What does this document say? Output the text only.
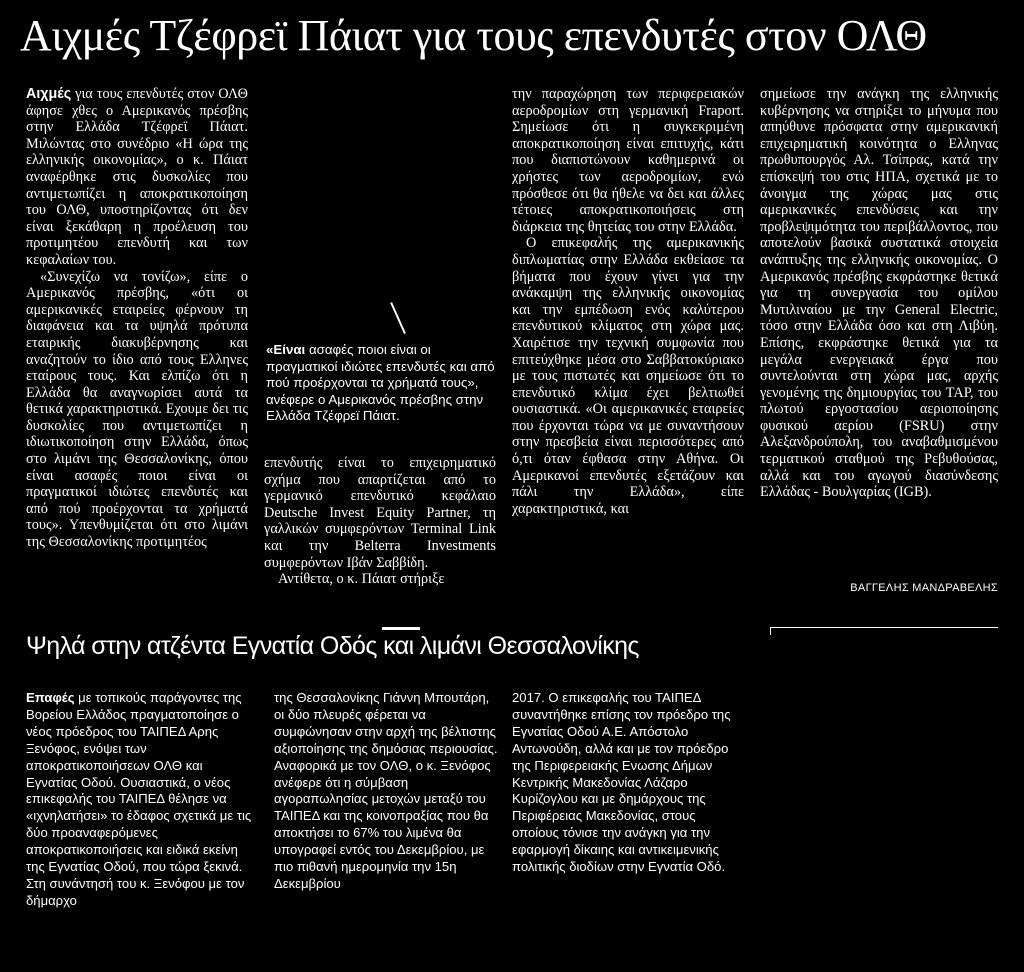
Αιχμές Τζέφρεϊ Πάιατ για τους επενδυτές στον ΟΛΘ

Αιχμές για τους επενδυτές στον ΟΛΘ άφησε χθες ο Αμερικανός πρέσβης στην Ελλάδα Τζέφρεϊ Πάιατ. Μιλώντας στο συνέδριο «Η ώρα της ελληνικής οικονομίας», ο κ. Πάιατ αναφέρθηκε στις δυσκολίες που αντιμετωπίζει η αποκρατικοποίηση του ΟΛΘ, υποστηρίζοντας ότι δεν είναι ξεκάθαρη η προέλευση του προτιμητέου επενδυτή και των κεφαλαίων του.

«Συνεχίζω να τονίζω», είπε ο Αμερικανός πρέσβης, «ότι οι αμερικανικές εταιρείες φέρνουν τη διαφάνεια και τα υψηλά πρότυπα εταιρικής διακυβέρνησης και αναζητούν το ίδιο από τους Ελληνες εταίρους τους. Και ελπίζω ότι η Ελλάδα θα αναγνωρίσει αυτά τα θετικά χαρακτηριστικά. Εχουμε δει τις δυσκολίες που αντιμετωπίζει η ιδιωτικοποίηση στην Ελλάδα, όπως στο λιμάνι της Θεσσαλονίκης, όπου είναι ασαφές ποιοι είναι οι πραγματικοί ιδιώτες επενδυτές και από πού προέρχονται τα χρήματά τους». Υπενθυμίζεται ότι στο λιμάνι της Θεσσαλονίκης προτιμητέος

«Είναι ασαφές ποιοι είναι οι πραγματικοί ιδιώτες επενδυτές και από πού προέρχονται τα χρήματά τους», ανέφερε ο Αμερικανός πρέσβης στην Ελλάδα Τζέφρεϊ Πάιατ.

επενδυτής είναι το επιχειρηματικό σχήμα που απαρτίζεται από το γερμανικό επενδυτικό κεφάλαιο Deutsche Invest Equity Partner, τη γαλλικών συμφερόντων Terminal Link και την Belterra Investments συμφερόντων Ιβάν Σαββίδη.

Αντίθετα, ο κ. Πάιατ στήριξε

την παραχώρηση των περιφερειακών αεροδρομίων στη γερμανική Fraport. Σημείωσε ότι η συγκεκριμένη αποκρατικοποίηση είναι επιτυχής, κάτι που διαπιστώνουν καθημερινά οι χρήστες των αεροδρομίων, ενώ πρόσθεσε ότι θα ήθελε να δει και άλλες τέτοιες αποκρατικοποιήσεις στη διάρκεια της θητείας του στην Ελλάδα.

Ο επικεφαλής της αμερικανικής διπλωματίας στην Ελλάδα εκθείασε τα βήματα που έχουν γίνει για την ανάκαμψη της ελληνικής οικονομίας και την εμπέδωση ενός καλύτερου επενδυτικού κλίματος στη χώρα μας. Χαιρέτισε την τεχνική συμφωνία που επιτεύχθηκε μέσα στο Σαββατοκύριακο με τους πιστωτές και σημείωσε ότι το επενδυτικό κλίμα έχει βελτιωθεί ουσιαστικά. «Οι αμερικανικές εταιρείες που έρχονται τώρα να με συναντήσουν στην πρεσβεία είναι περισσότερες από ό,τι όταν έφθασα στην Αθήνα. Οι Αμερικανοί επενδυτές εξετάζουν και πάλι την Ελλάδα», είπε χαρακτηριστικά, και

σημείωσε την ανάγκη της ελληνικής κυβέρνησης να στηρίξει το μήνυμα που απηύθυνε πρόσφατα στην αμερικανική επιχειρηματική κοινότητα ο Ελληνας πρωθυπουργός Αλ. Τσίπρας, κατά την επίσκεψή του στις ΗΠΑ, σχετικά με το άνοιγμα της χώρας μας στις αμερικανικές επενδύσεις και την προβλεψιμότητα του περιβάλλοντος, που αποτελούν βασικά συστατικά στοιχεία ανάπτυξης της ελληνικής οικονομίας. Ο Αμερικανός πρέσβης εκφράστηκε θετικά για τη συνεργασία του ομίλου Μυτιλιναίου με την General Electric, τόσο στην Ελλάδα όσο και στη Λιβύη. Επίσης, εκφράστηκε θετικά για τα μεγάλα ενεργειακά έργα που συντελούνται στη χώρα μας, αρχής γενομένης της δημιουργίας του TAP, του πλωτού εργοστασίου αεριοποίησης φυσικού αερίου (FSRU) στην Αλεξανδρούπολη, του αναβαθμισμένου τερματικού σταθμού της Ρεβυθούσας, αλλά και του αγωγού διασύνδεσης Ελλάδας - Βουλγαρίας (IGB).

ΒΑΓΓΕΛΗΣ ΜΑΝΔΡΑΒΕΛΗΣ
Ψηλά στην ατζέντα Εγνατία Οδός και λιμάνι Θεσσαλονίκης
Επαφές με τοπικούς παράγοντες της Βορείου Ελλάδος πραγματοποίησε ο νέος πρόεδρος του ΤΑΙΠΕΔ Αρης Ξενόφος, ενόψει των αποκρατικοποιήσεων ΟΛΘ και Εγνατίας Οδού. Ουσιαστικά, ο νέος επικεφαλής του ΤΑΙΠΕΔ θέλησε να «ιχνηλατήσει» το έδαφος σχετικά με τις δύο προαναφερόμενες αποκρατικοποιήσεις και ειδικά εκείνη της Εγνατίας Οδού, που τώρα ξεκινά. Στη συνάντησή του κ. Ξενόφου με τον δήμαρχο

της Θεσσαλονίκης Γιάννη Μπουτάρη, οι δύο πλευρές φέρεται να συμφώνησαν στην αρχή της βέλτιστης αξιοποίησης της δημόσιας περιουσίας.

Αναφορικά με τον ΟΛΘ, ο κ. Ξενόφος ανέφερε ότι η σύμβαση αγοραπωλησίας μετοχών μεταξύ του ΤΑΙΠΕΔ και της κοινοπραξίας που θα αποκτήσει το 67% του λιμένα θα υπογραφεί εντός του Δεκεμβρίου, με πιο πιθανή ημερομηνία την 15η Δεκεμβρίου

2017. Ο επικεφαλής του ΤΑΙΠΕΔ συναντήθηκε επίσης τον πρόεδρο της Εγνατίας Οδού Α.Ε. Απόστολο Αντωνούδη, αλλά και με τον πρόεδρο της Περιφερειακής Ενωσης Δήμων Κεντρικής Μακεδονίας Λάζαρο Κυρίζογλου και με δημάρχους της Περιφέρειας Μακεδονίας, στους οποίους τόνισε την ανάγκη για την εφαρμογή δίκαιης και αντικειμενικής πολιτικής διοδίων στην Εγνατία Οδό.
